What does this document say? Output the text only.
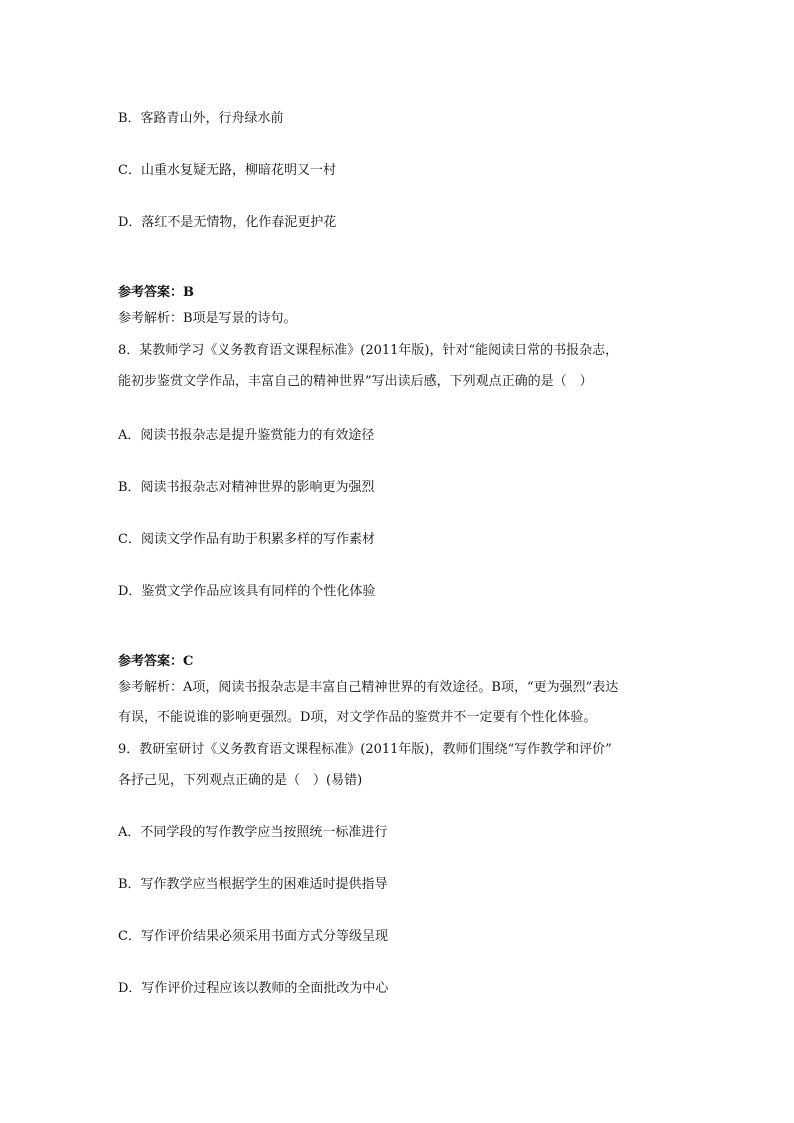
B．客路青山外，行舟绿水前
C．山重水复疑无路，柳暗花明又一村
D．落红不是无情物，化作春泥更护花
参考答案：B
参考解析：B项是写景的诗句。
8．某教师学习《义务教育语文课程标准》(2011年版)，针对“能阅读日常的书报杂志，
能初步鉴赏文学作品，丰富自己的精神世界”写出读后感，下列观点正确的是（　）
A．阅读书报杂志是提升鉴赏能力的有效途径
B．阅读书报杂志对精神世界的影响更为强烈
C．阅读文学作品有助于积累多样的写作素材
D．鉴赏文学作品应该具有同样的个性化体验
参考答案：C
参考解析：A项，阅读书报杂志是丰富自己精神世界的有效途径。B项，“更为强烈”表达
有误，不能说谁的影响更强烈。D项，对文学作品的鉴赏并不一定要有个性化体验。
9．教研室研讨《义务教育语文课程标准》(2011年版)，教师们围绕“写作教学和评价”
各抒己见，下列观点正确的是（　）(易错)
A．不同学段的写作教学应当按照统一标准进行
B．写作教学应当根据学生的困难适时提供指导
C．写作评价结果必须采用书面方式分等级呈现
D．写作评价过程应该以教师的全面批改为中心
